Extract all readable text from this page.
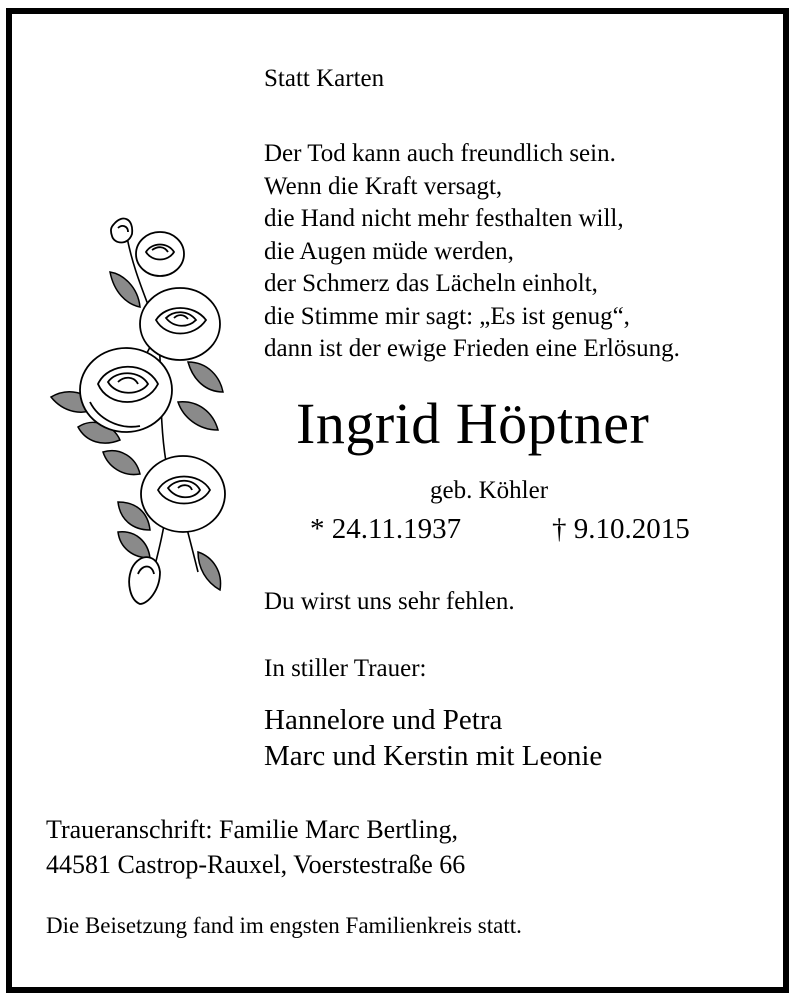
Statt Karten
Der Tod kann auch freundlich sein.
Wenn die Kraft versagt,
die Hand nicht mehr festhalten will,
die Augen müde werden,
der Schmerz das Lächeln einholt,
die Stimme mir sagt: „Es ist genug“,
dann ist der ewige Frieden eine Erlösung.
Ingrid Höptner
geb. Köhler
* 24.11.1937	† 9.10.2015
Du wirst uns sehr fehlen.
In stiller Trauer:
Hannelore und Petra
Marc und Kerstin mit Leonie
Traueranschrift: Familie Marc Bertling,
44581 Castrop-Rauxel, Voerstestraße 66
Die Beisetzung fand im engsten Familienkreis statt.
